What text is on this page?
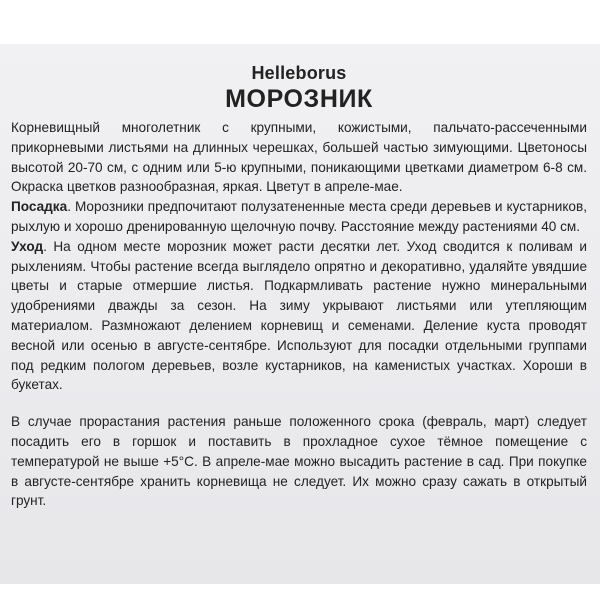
Helleborus

МОРОЗНИК

Корневищный многолетник с крупными, кожистыми, пальчато-рассеченными прикорневыми листьями на длинных черешках, большей частью зимующими. Цветоносы высотой 20-70 см, с одним или 5-ю крупными, поникающими цветками диаметром 6-8 см. Окраска цветков разнообразная, яркая. Цветут в апреле-мае.

Посадка. Морозники предпочитают полузатененные места среди деревьев и кустарников, рыхлую и хорошо дренированную щелочную почву. Расстояние между растениями 40 см.

Уход. На одном месте морозник может расти десятки лет. Уход сводится к поливам и рыхлениям. Чтобы растение всегда выглядело опрятно и декоративно, удаляйте увядшие цветы и старые отмершие листья. Подкармливать растение нужно минеральными удобрениями дважды за сезон. На зиму укрывают листьями или утепляющим материалом. Размножают делением корневищ и семенами. Деление куста проводят весной или осенью в августе-сентябре. Используют для посадки отдельными группами под редким пологом деревьев, возле кустарников, на каменистых участках. Хороши в букетах.

В случае прорастания растения раньше положенного срока (февраль, март) следует посадить его в горшок и поставить в прохладное сухое тёмное помещение с температурой не выше +5°С. В апреле-мае можно высадить растение в сад. При покупке в августе-сентябре хранить корневища не следует. Их можно сразу сажать в открытый грунт.
